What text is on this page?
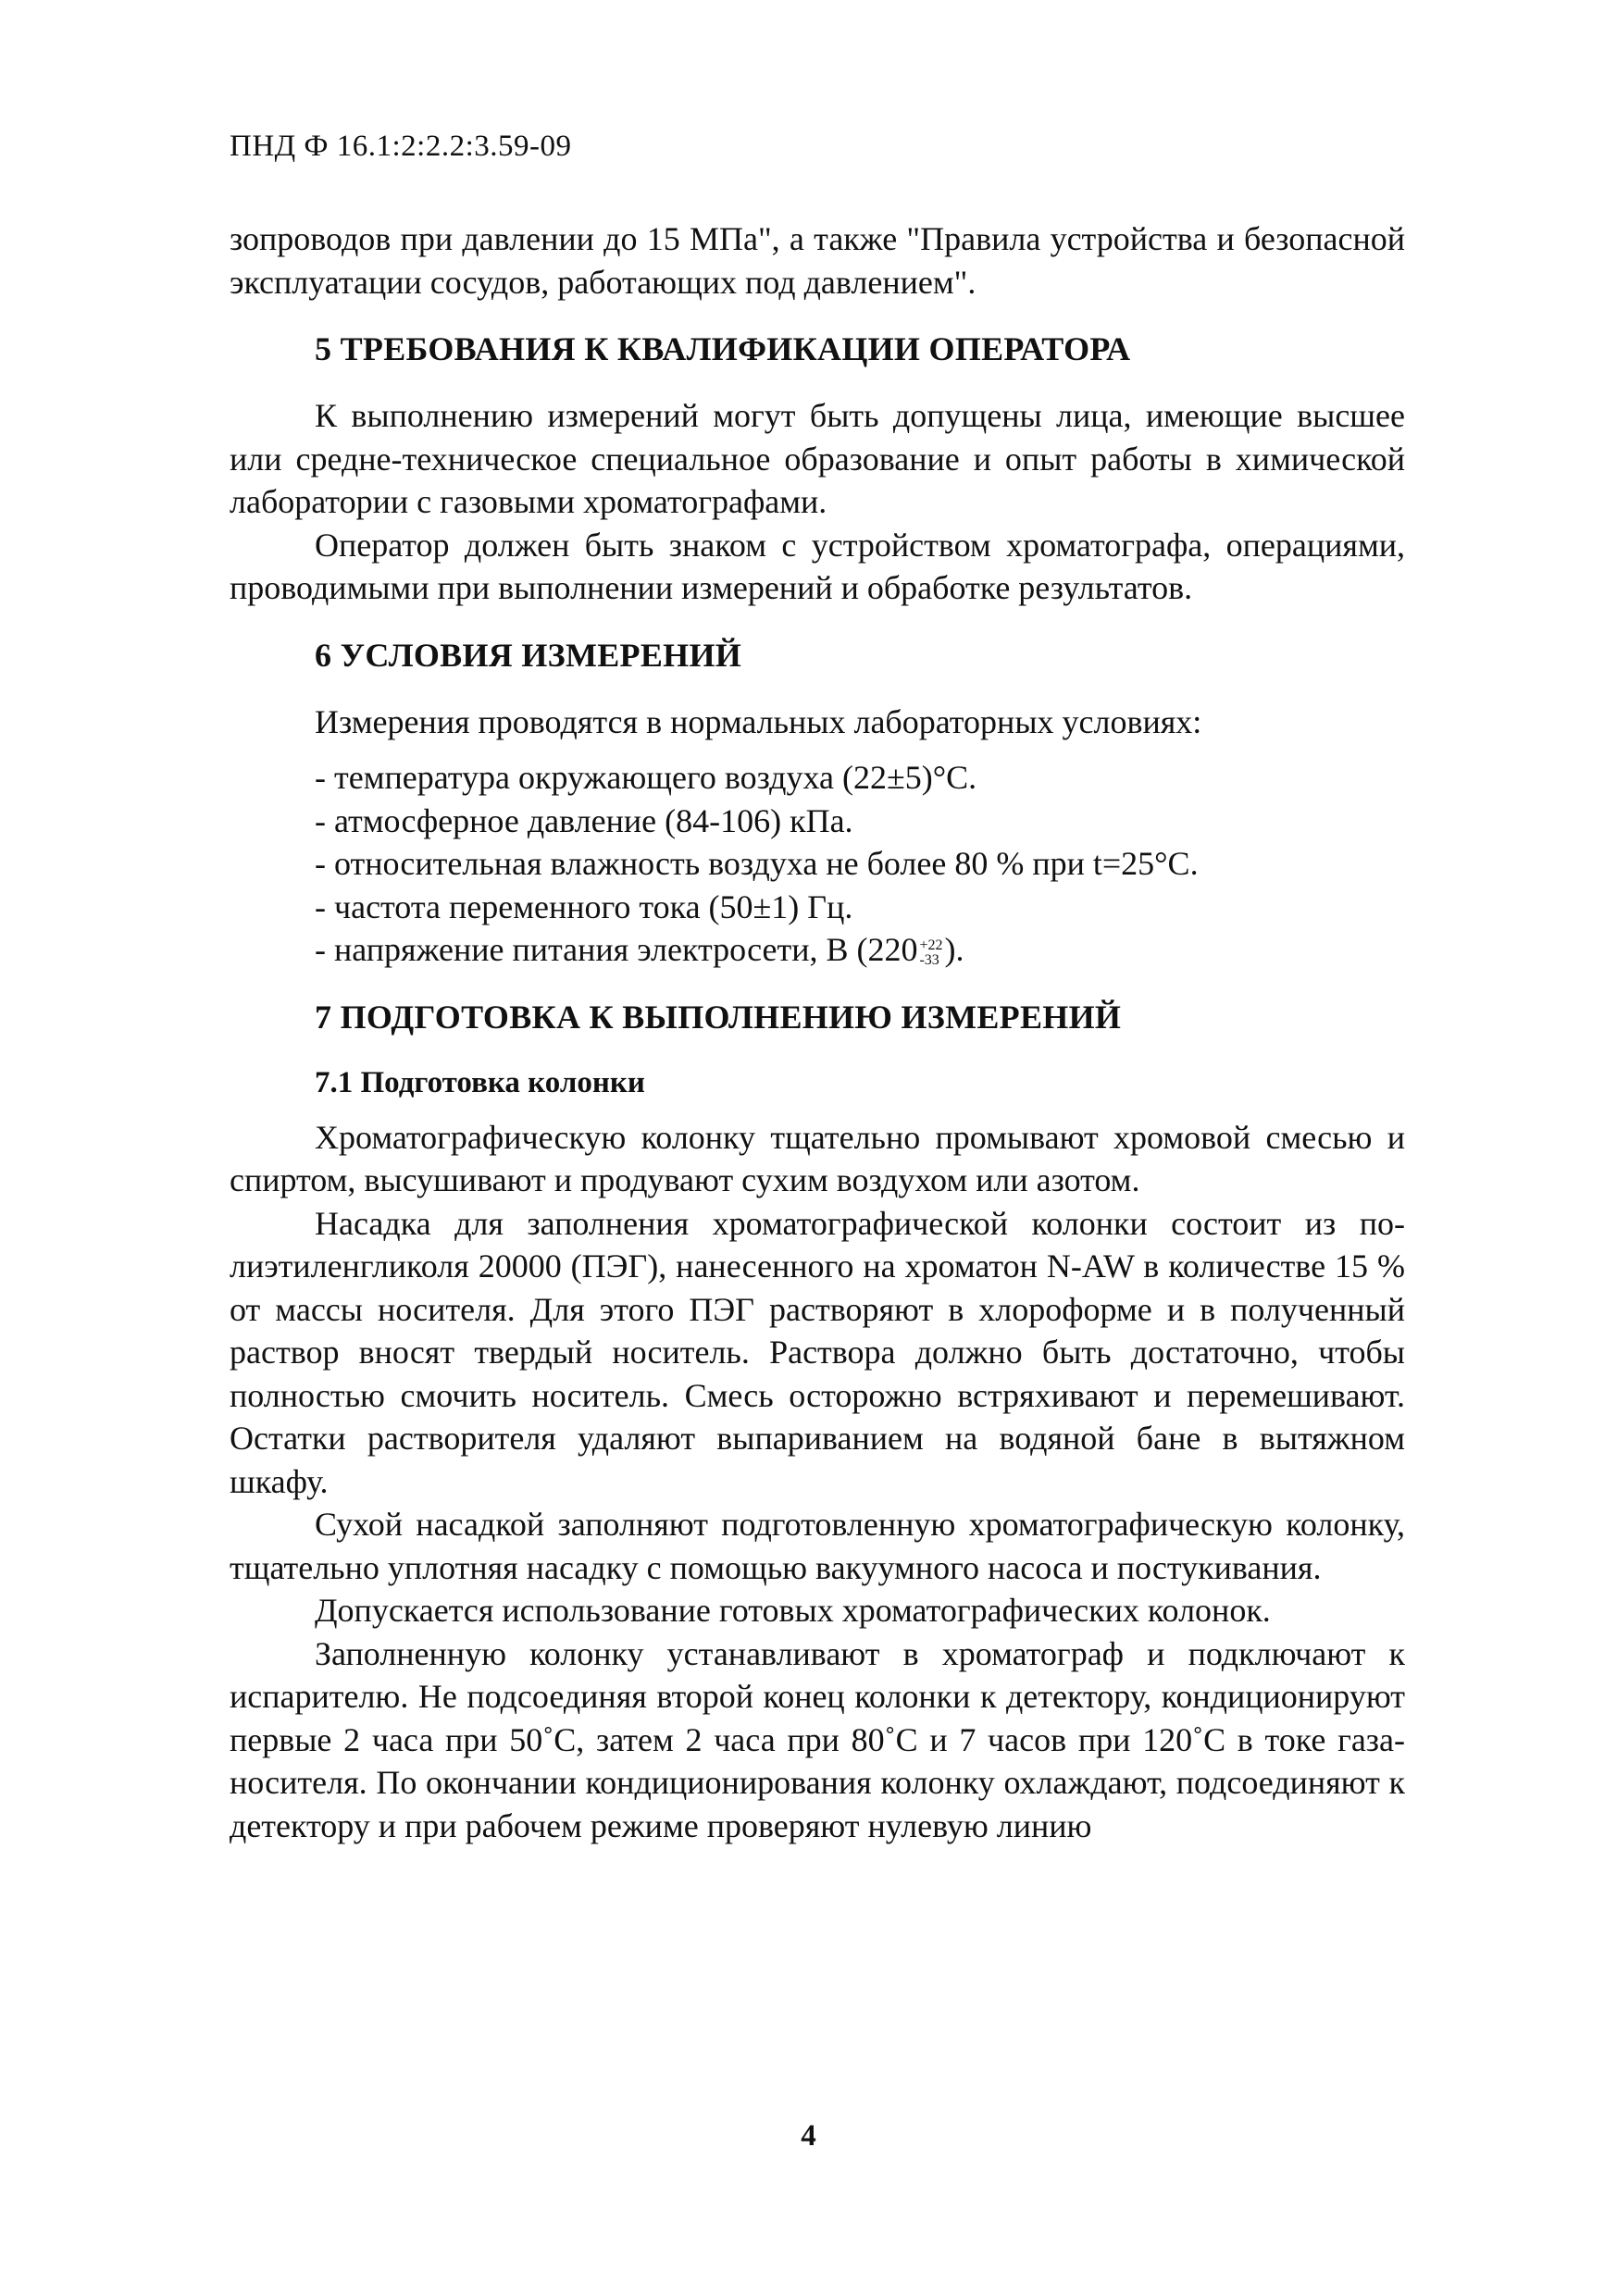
ПНД Ф 16.1:2:2.2:3.59-09

зопроводов при давлении до 15 МПа", а также "Правила устройства и безопасной эксплуатации сосудов, работающих под давлением".

5 ТРЕБОВАНИЯ К КВАЛИФИКАЦИИ ОПЕРАТОРА

К выполнению измерений могут быть допущены лица, имеющие высшее или средне-техническое специальное образование и опыт работы в химической лаборатории с газовыми хроматографами.

Оператор должен быть знаком с устройством хроматографа, операциями, проводимыми при выполнении измерений и обработке результатов.

6 УСЛОВИЯ ИЗМЕРЕНИЙ

Измерения проводятся в нормальных лабораторных условиях:

- температура окружающего воздуха (22±5)°С.
- атмосферное давление (84-106) кПа.
- относительная влажность воздуха не более 80 % при t=25°С.
- частота переменного тока (50±1) Гц.
- напряжение питания электросети, В (220 +22
-33 ).
7 ПОДГОТОВКА К ВЫПОЛНЕНИЮ ИЗМЕРЕНИЙ
7.1 Подготовка колонки

Хроматографическую колонку тщательно промывают хромовой смесью и спиртом, высушивают и продувают сухим воздухом или азотом.

Насадка для заполнения хроматографической колонки состоит из полиэтиленгликоля 20000 (ПЭГ), нанесенного на хроматон N-AW в количестве 15 % от массы носителя. Для этого ПЭГ растворяют в хлороформе и в полученный раствор вносят твердый носитель. Раствора должно быть достаточно, чтобы полностью смочить носитель. Смесь осторожно встряхивают и перемешивают. Остатки растворителя удаляют выпариванием на водяной бане в вытяжном шкафу.

Сухой насадкой заполняют подготовленную хроматографическую колонку, тщательно уплотняя насадку с помощью вакуумного насоса и постукивания.

Допускается использование готовых хроматографических колонок.

Заполненную колонку устанавливают в хроматограф и подключают к испарителю. Не подсоединяя второй конец колонки к детектору, кондиционируют первые 2 часа при 50˚С, затем 2 часа при 80˚С и 7 часов при 120˚С в токе газа-носителя. По окончании кондиционирования колонку охлаждают, подсоединяют к детектору и при рабочем режиме проверяют нулевую линию

4
